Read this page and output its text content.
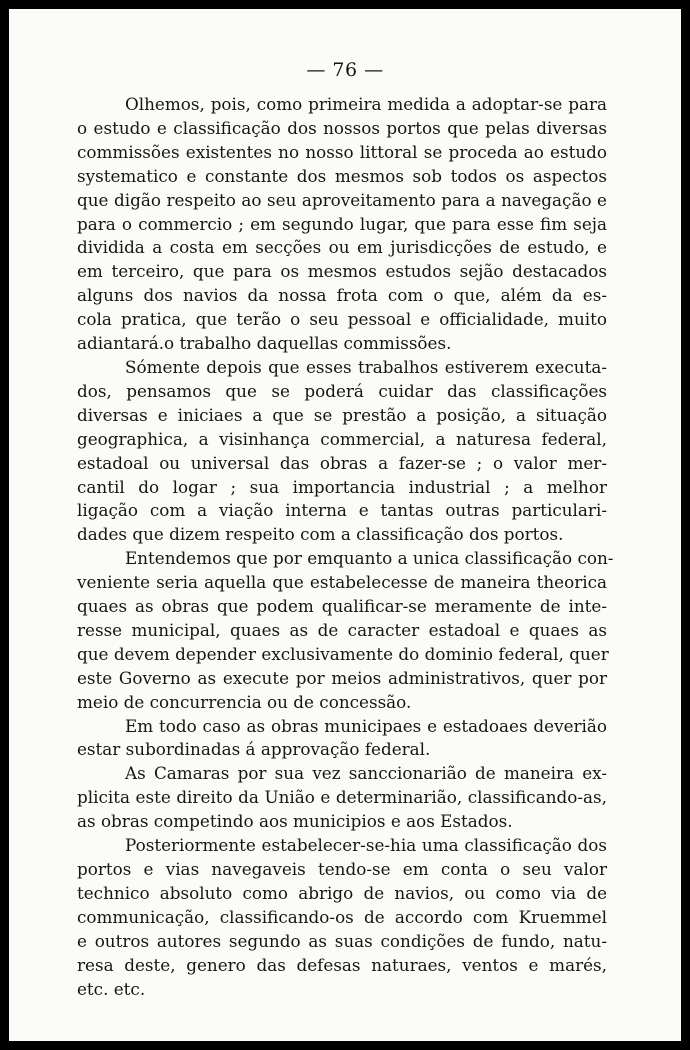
— 76 —

Olhemos, pois, como primeira medida a adoptar-se para
o estudo e classificação dos nossos portos que pelas diversas
commissões existentes no nosso littoral se proceda ao estudo
systematico e constante dos mesmos sob todos os aspectos
que digão respeito ao seu aproveitamento para a navegação e
para o commercio ; em segundo lugar, que para esse fim seja
dividida a costa em secções ou em jurisdicções de estudo, e
em terceiro, que para os mesmos estudos sejão destacados
alguns dos navios da nossa frota com o que, além da es-
cola pratica, que terão o seu pessoal e officialidade, muito
adiantará.o trabalho daquellas commissões.

Sómente depois que esses trabalhos estiverem executa-
dos, pensamos que se poderá cuidar das classificações
diversas e iniciaes a que se prestão a posição, a situação
geographica, a visinhança commercial, a naturesa federal,
estadoal ou universal das obras a fazer-se ; o valor mer-
cantil do logar ; sua importancia industrial ; a melhor
ligação com a viação interna e tantas outras particulari-
dades que dizem respeito com a classificação dos portos.

Entendemos que por emquanto a unica classificação con-
veniente seria aquella que estabelecesse de maneira theorica
quaes as obras que podem qualificar-se meramente de inte-
resse municipal, quaes as de caracter estadoal e quaes as
que devem depender exclusivamente do dominio federal, quer
este Governo as execute por meios administrativos, quer por
meio de concurrencia ou de concessão.

Em todo caso as obras municipaes e estadoaes deverião
estar subordinadas á approvação federal.

As Camaras por sua vez sanccionarião de maneira ex-
plicita este direito da União e determinarião, classificando-as,
as obras competindo aos municipios e aos Estados.

Posteriormente estabelecer-se-hia uma classificação dos
portos e vias navegaveis tendo-se em conta o seu valor
technico absoluto como abrigo de navios, ou como via de
communicação, classificando-os de accordo com Kruemmel
e outros autores segundo as suas condições de fundo, natu-
resa deste, genero das defesas naturaes, ventos e marés,
etc. etc.
